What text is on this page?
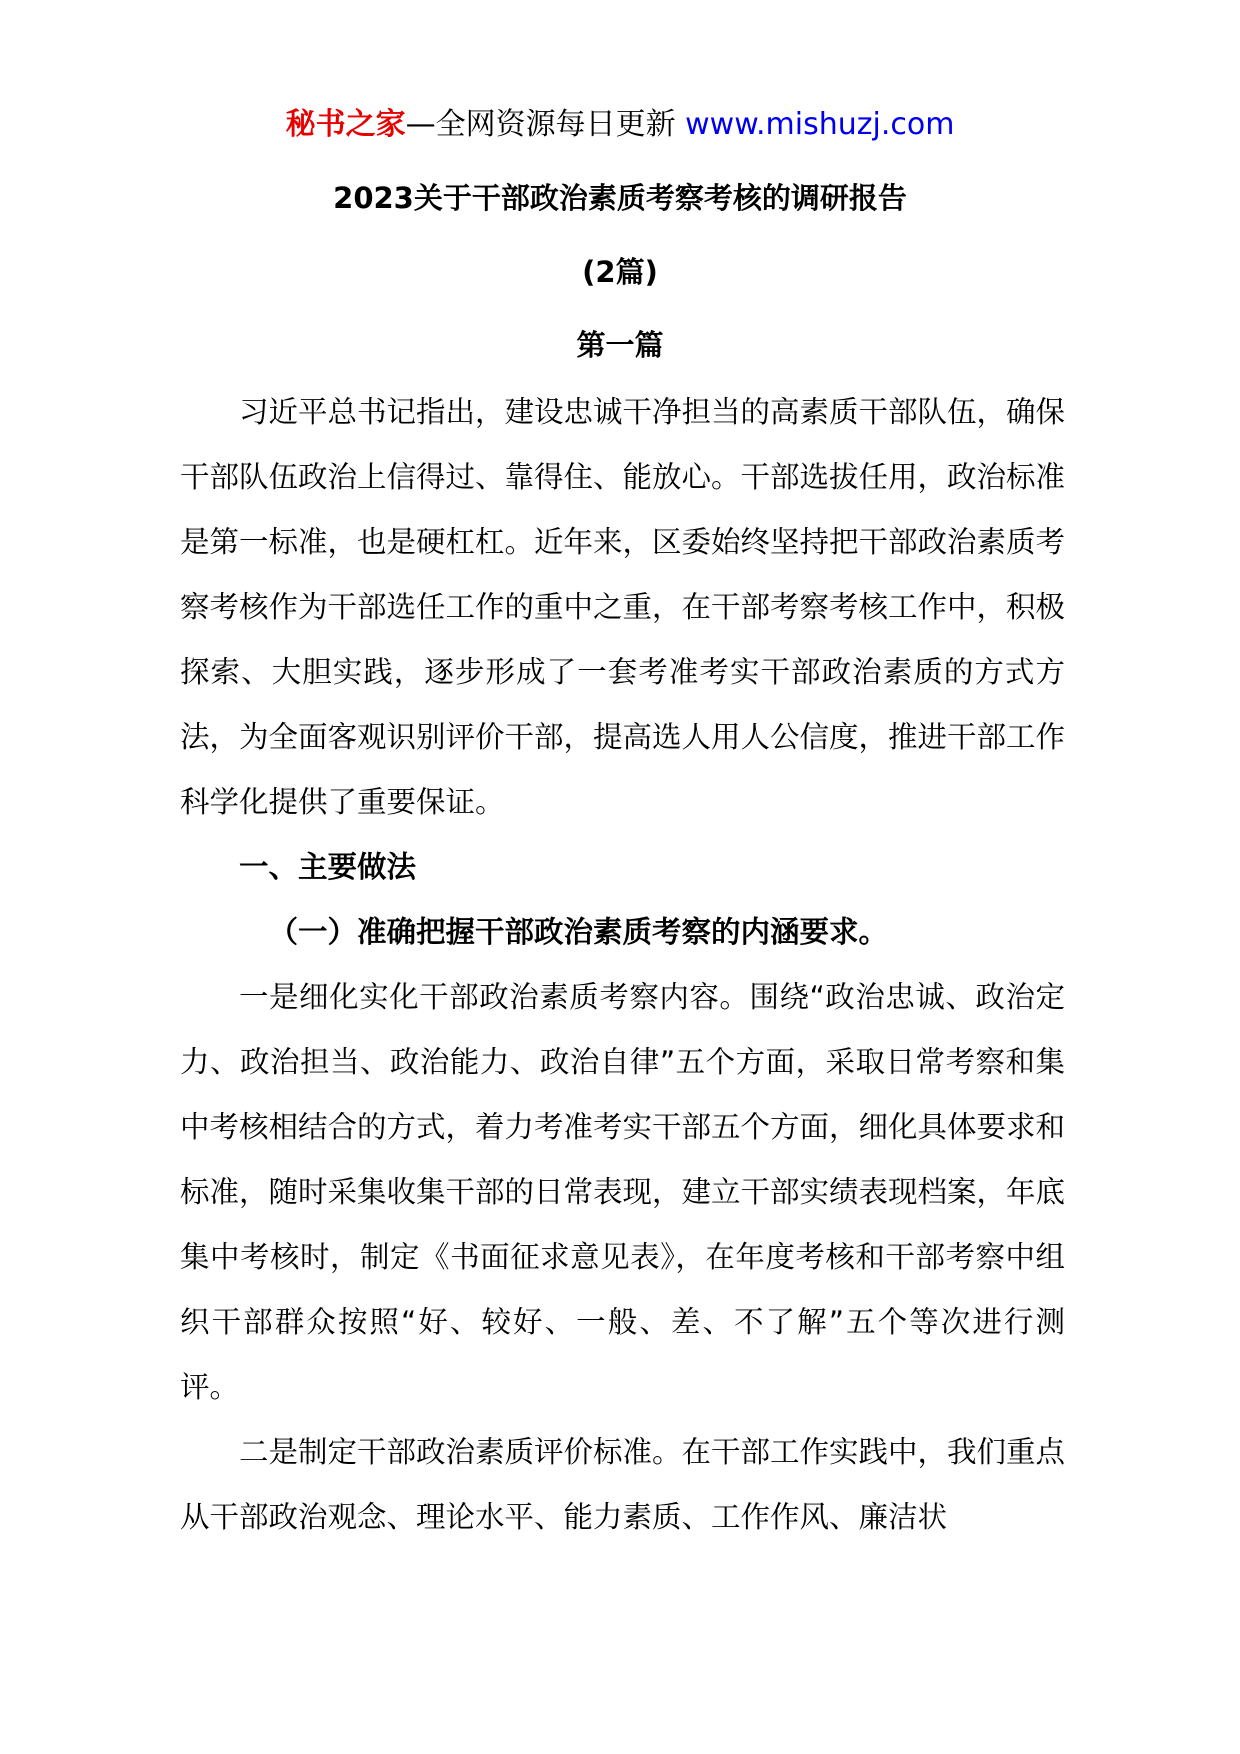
秘书之家—全网资源每日更新 www.mishuzj.com
2023关于干部政治素质考察考核的调研报告
(2篇)
第一篇

习近平总书记指出，建设忠诚干净担当的高素质干部队伍，确保干部队伍政治上信得过、靠得住、能放心。干部选拔任用，政治标准是第一标准，也是硬杠杠。近年来，区委始终坚持把干部政治素质考察考核作为干部选任工作的重中之重，在干部考察考核工作中，积极探索、大胆实践，逐步形成了一套考准考实干部政治素质的方式方法，为全面客观识别评价干部，提高选人用人公信度，推进干部工作科学化提供了重要保证。

一、主要做法

（一）准确把握干部政治素质考察的内涵要求。

一是细化实化干部政治素质考察内容。围绕“政治忠诚、政治定力、政治担当、政治能力、政治自律”五个方面，采取日常考察和集中考核相结合的方式，着力考准考实干部五个方面，细化具体要求和标准，随时采集收集干部的日常表现，建立干部实绩表现档案，年底集中考核时，制定《书面征求意见表》，在年度考核和干部考察中组织干部群众按照“好、较好、一般、差、不了解”五个等次进行测评。

二是制定干部政治素质评价标准。在干部工作实践中，我们重点从干部政治观念、理论水平、能力素质、工作作风、廉洁状
